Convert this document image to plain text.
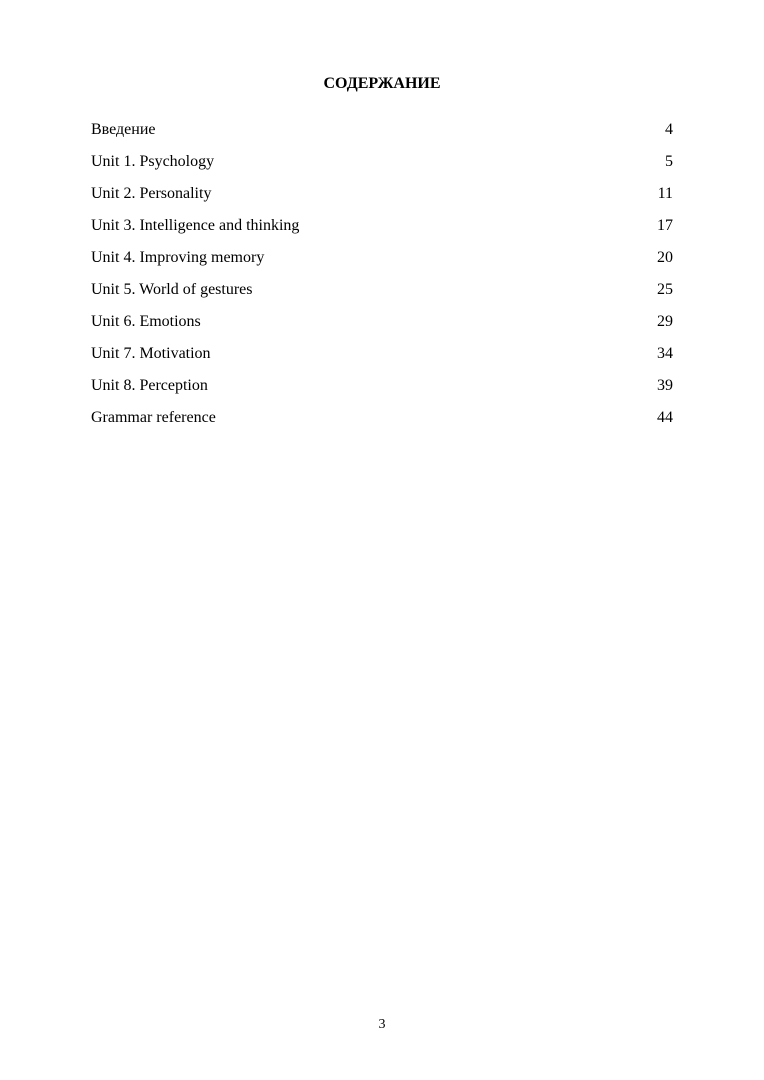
СОДЕРЖАНИЕ
Введение	4
Unit 1. Psychology	5
Unit 2. Personality	11
Unit 3. Intelligence and thinking	17
Unit 4. Improving memory	20
Unit 5. World of gestures	25
Unit 6. Emotions	29
Unit 7. Motivation	34
Unit 8. Perception	39
Grammar reference	44
3
